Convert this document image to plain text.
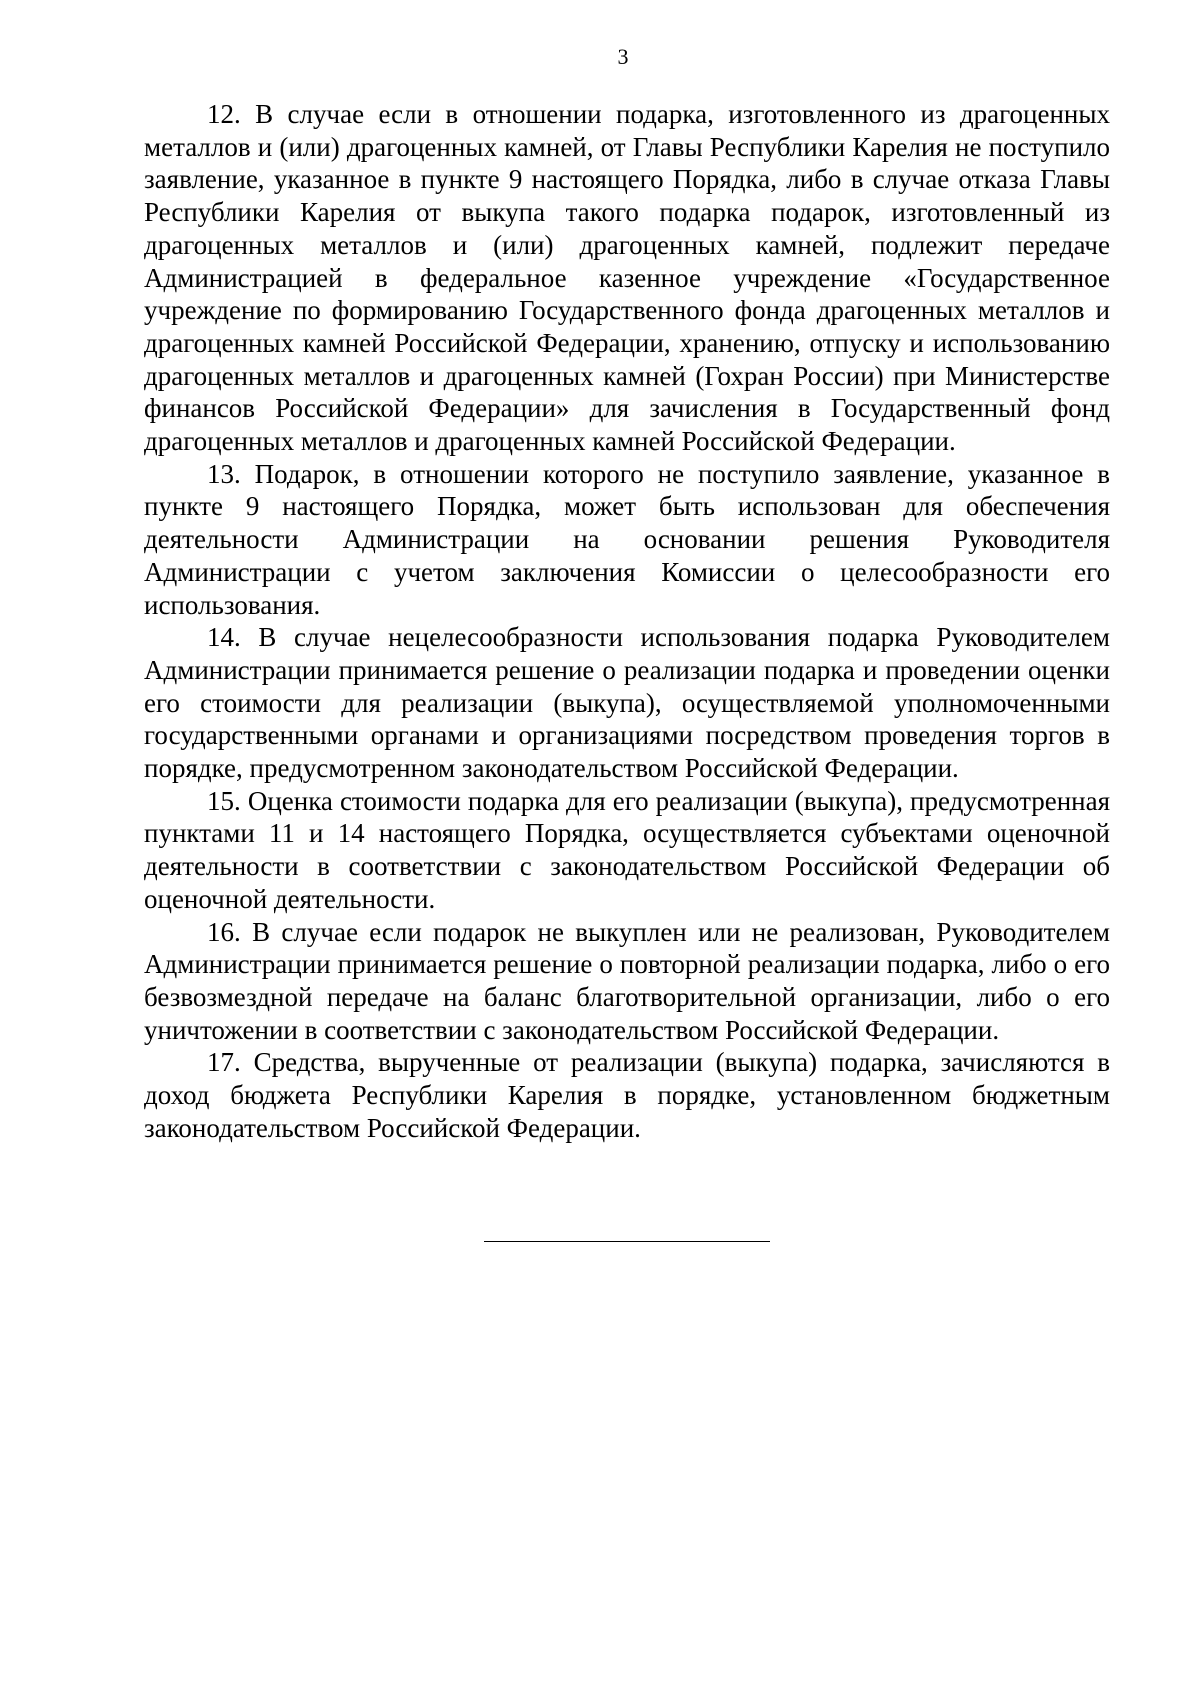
3

12. В случае если в отношении подарка, изготовленного из драгоценных металлов и (или) драгоценных камней, от Главы Республики Карелия не поступило заявление, указанное в пункте 9 настоящего Порядка, либо в случае отказа Главы Республики Карелия от выкупа такого подарка подарок, изготовленный из драгоценных металлов и (или) драгоценных камней, подлежит передаче Администрацией в федеральное казенное учреждение «Государственное учреждение по формированию Государственного фонда драгоценных металлов и драгоценных камней Российской Федерации, хранению, отпуску и использованию драгоценных металлов и драгоценных камней (Гохран России) при Министерстве финансов Российской Федерации» для зачисления в Государственный фонд драгоценных металлов и драгоценных камней Российской Федерации.

13. Подарок, в отношении которого не поступило заявление, указанное в пункте 9 настоящего Порядка, может быть использован для обеспечения деятельности Администрации на основании решения Руководителя Администрации с учетом заключения Комиссии о целесообразности его использования.

14. В случае нецелесообразности использования подарка Руководителем Администрации принимается решение о реализации подарка и проведении оценки его стоимости для реализации (выкупа), осуществляемой уполномоченными государственными органами и организациями посредством проведения торгов в порядке, предусмотренном законодательством Российской Федерации.

15. Оценка стоимости подарка для его реализации (выкупа), предусмотренная пунктами 11 и 14 настоящего Порядка, осуществляется субъектами оценочной деятельности в соответствии с законодательством Российской Федерации об оценочной деятельности.

16. В случае если подарок не выкуплен или не реализован, Руководителем Администрации принимается решение о повторной реализации подарка, либо о его безвозмездной передаче на баланс благотворительной организации, либо о его уничтожении в соответствии с законодательством Российской Федерации.

17. Средства, вырученные от реализации (выкупа) подарка, зачисляются в доход бюджета Республики Карелия в порядке, установленном бюджетным законодательством Российской Федерации.
